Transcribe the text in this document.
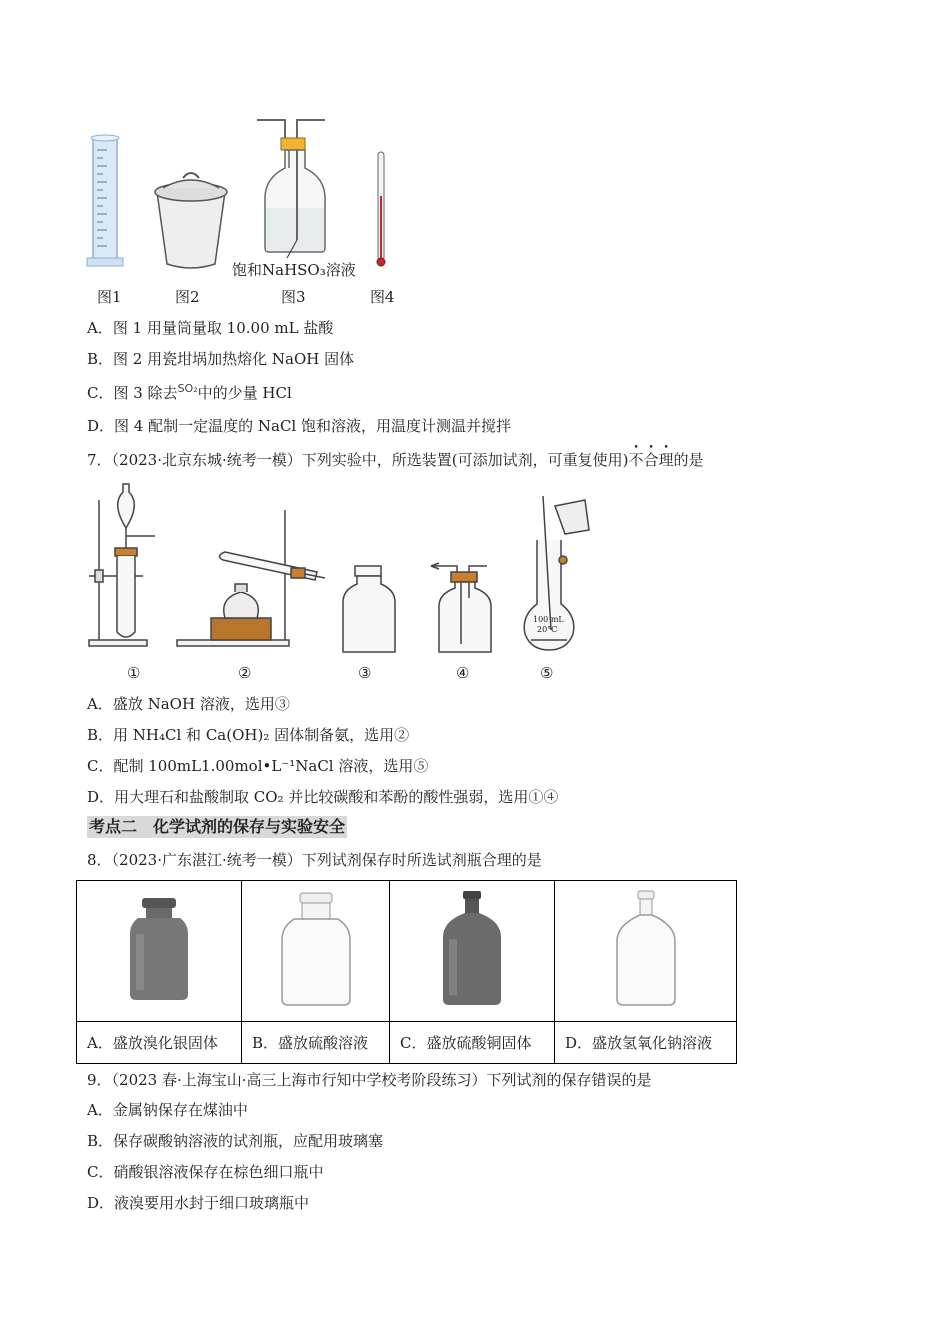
饱和NaHSO₃溶液
图1	图2	图3	图4
A．图 1 用量筒量取 10.00 mL 盐酸
B．图 2 用瓷坩埚加热熔化 NaOH 固体
C．图 3 除去$^{SO_2}$中的少量 HCl
D．图 4 配制一定温度的 NaCl 饱和溶液，用温度计测温并搅拌
7．（2023·北京东城·统考一模）下列实验中，所选装置(可添加试剂，可重复使用)不合理的是
100 mL
20°C
①	②	③	④	⑤
A．盛放 NaOH 溶液，选用③
B．用 NH₄Cl 和 Ca(OH)₂ 固体制备氨，选用②
C．配制 100mL1.00mol•L⁻¹NaCl 溶液，选用⑤
D．用大理石和盐酸制取 CO₂ 并比较碳酸和苯酚的酸性强弱，选用①④
考点二　化学试剂的保存与实验安全
8．（2023·广东湛江·统考一模）下列试剂保存时所选试剂瓶合理的是

A．盛放溴化银固体	B．盛放硫酸溶液	C．盛放硫酸铜固体	D．盛放氢氧化钠溶液
9．（2023 春·上海宝山·高三上海市行知中学校考阶段练习）下列试剂的保存错误的是
A．金属钠保存在煤油中
B．保存碳酸钠溶液的试剂瓶，应配用玻璃塞
C．硝酸银溶液保存在棕色细口瓶中
D．液溴要用水封于细口玻璃瓶中
